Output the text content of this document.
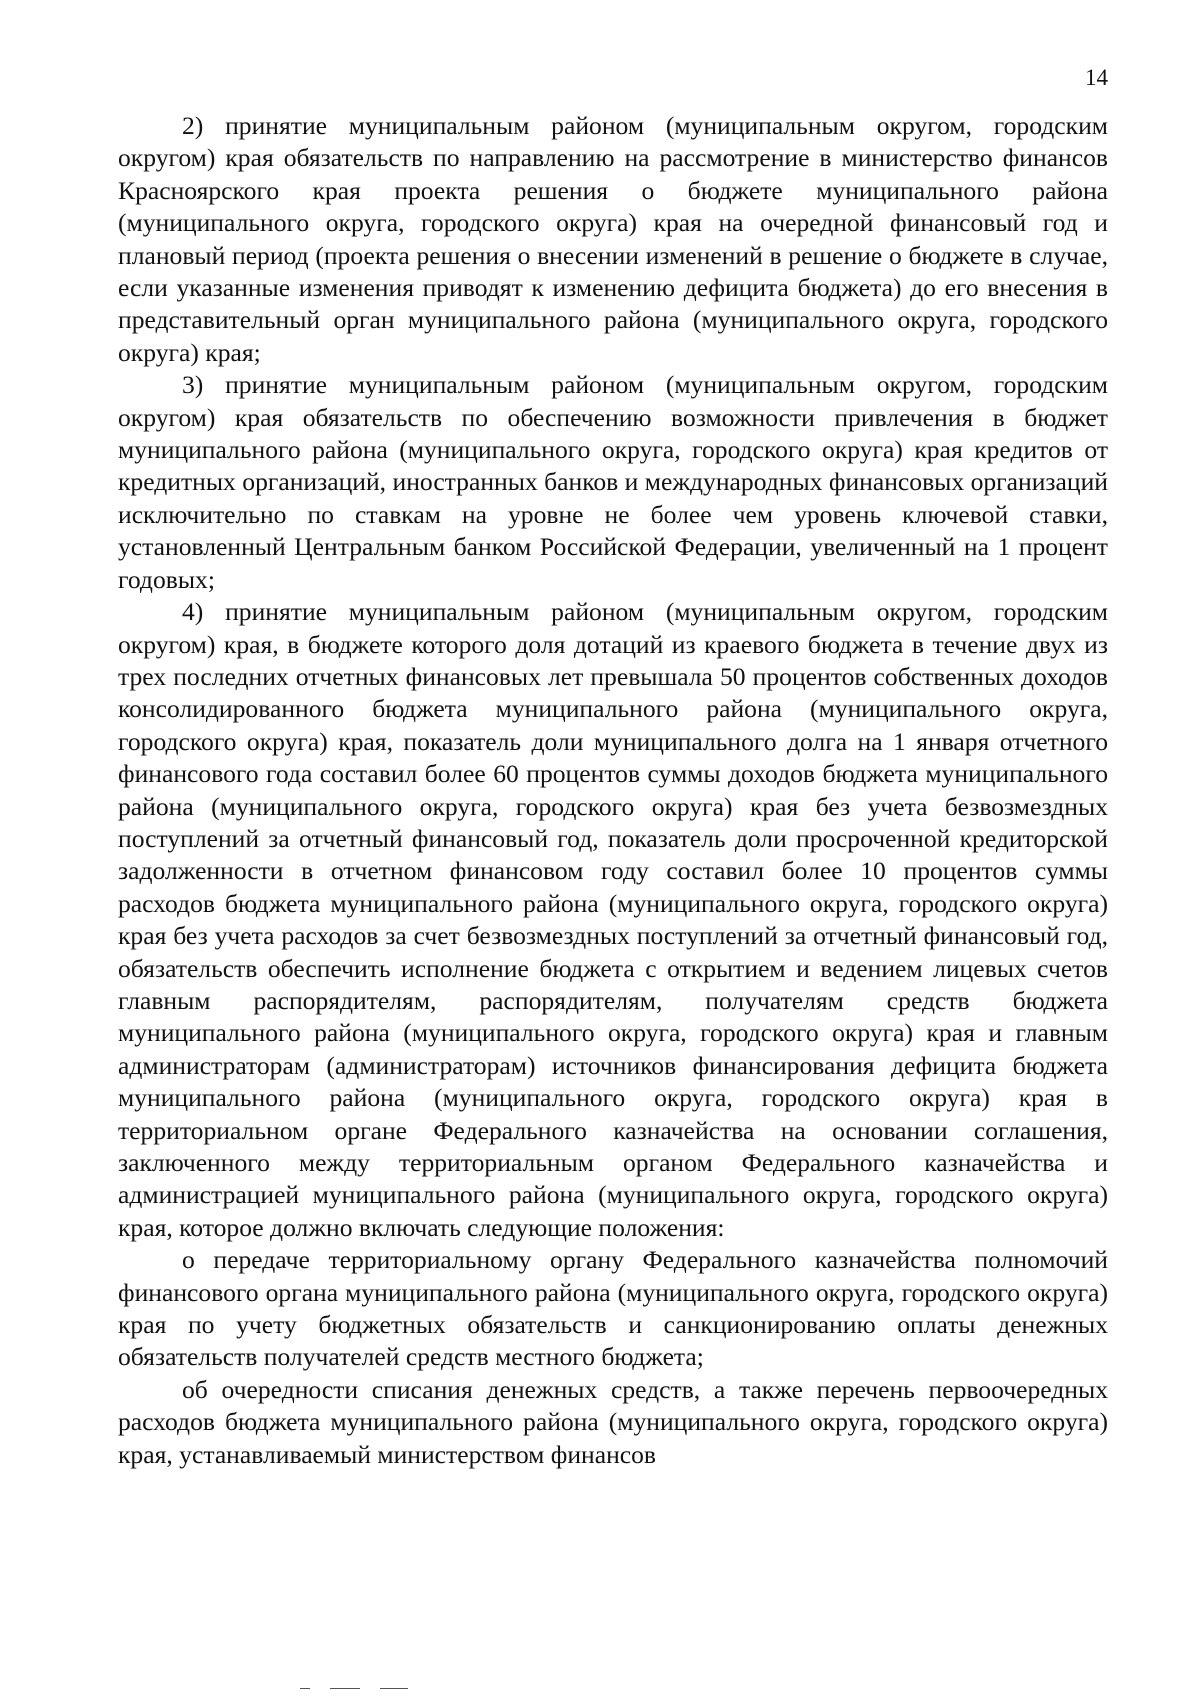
14

2) принятие муниципальным районом (муниципальным округом, городским округом) края обязательств по направлению на рассмотрение в министерство финансов Красноярского края проекта решения о бюджете муниципального района (муниципального округа, городского округа) края на очередной финансовый год и плановый период (проекта решения о внесении изменений в решение о бюджете в случае, если указанные изменения приводят к изменению дефицита бюджета) до его внесения в представительный орган муниципального района (муниципального округа, городского округа) края;

3) принятие муниципальным районом (муниципальным округом, городским округом) края обязательств по обеспечению возможности привлечения в бюджет муниципального района (муниципального округа, городского округа) края кредитов от кредитных организаций, иностранных банков и международных финансовых организаций исключительно по ставкам на уровне не более чем уровень ключевой ставки, установленный Центральным банком Российской Федерации, увеличенный на 1 процент годовых;

4) принятие муниципальным районом (муниципальным округом, городским округом) края, в бюджете которого доля дотаций из краевого бюджета в течение двух из трех последних отчетных финансовых лет превышала 50 процентов собственных доходов консолидированного бюджета муниципального района (муниципального округа, городского округа) края, показатель доли муниципального долга на 1 января отчетного финансового года составил более 60 процентов суммы доходов бюджета муниципального района (муниципального округа, городского округа) края без учета безвозмездных поступлений за отчетный финансовый год, показатель доли просроченной кредиторской задолженности в отчетном финансовом году составил более 10 процентов суммы расходов бюджета муниципального района (муниципального округа, городского округа) края без учета расходов за счет безвозмездных поступлений за отчетный финансовый год, обязательств обеспечить исполнение бюджета с открытием и ведением лицевых счетов главным распорядителям, распорядителям, получателям средств бюджета муниципального района (муниципального округа, городского округа) края и главным администраторам (администраторам) источников финансирования дефицита бюджета муниципального района (муниципального округа, городского округа) края в территориальном органе Федерального казначейства на основании соглашения, заключенного между территориальным органом Федерального казначейства и администрацией муниципального района (муниципального округа, городского округа) края, которое должно включать следующие положения:

о передаче территориальному органу Федерального казначейства полномочий финансового органа муниципального района (муниципального округа, городского округа) края по учету бюджетных обязательств и санкционированию оплаты денежных обязательств получателей средств местного бюджета;

об очередности списания денежных средств, а также перечень первоочередных расходов бюджета муниципального района (муниципального округа, городского округа) края, устанавливаемый министерством финансов
